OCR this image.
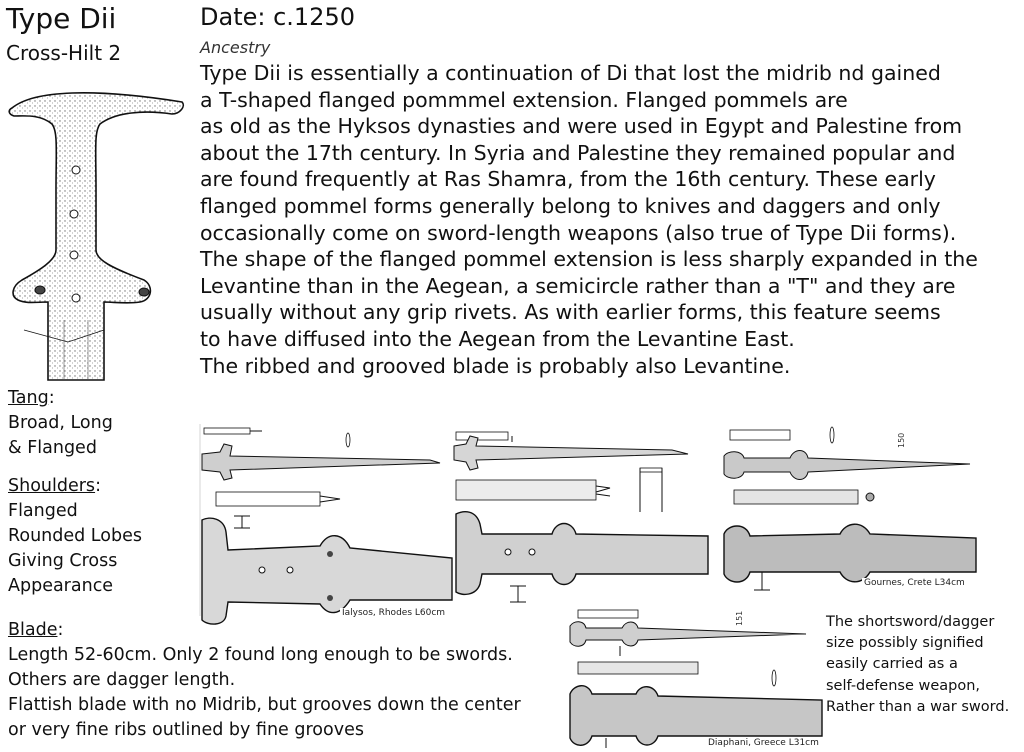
Type Dii
Cross-Hilt 2
Date: c.1250
Ancestry
Type Dii is essentially a continuation of Di that lost the midrib nd gained
a T-shaped flanged pommmel extension. Flanged pommels are
as old as the Hyksos dynasties and were used in Egypt and Palestine from
about the 17th century. In Syria and Palestine they remained popular and
are found frequently at Ras Shamra, from the 16th century. These early
flanged pommel forms generally belong to knives and daggers and only
occasionally come on sword-length weapons (also true of Type Dii forms).
The shape of the flanged pommel extension is less sharply expanded in the
Levantine than in the Aegean, a semicircle rather than a "T" and they are
usually without any grip rivets. As with earlier forms, this feature seems
to have diffused into the Aegean from the Levantine East.
The ribbed and grooved blade is probably also Levantine.
Tang:
Broad, Long
& Flanged
Shoulders:
Flanged
Rounded Lobes
Giving Cross
Appearance
Blade:
Length 52-60cm. Only 2 found long enough to be swords.
Others are dagger length.
Flattish blade with no Midrib, but grooves down the center
or very fine ribs outlined by fine grooves
The shortsword/dagger
size possibly signified
easily carried as a
self-defense weapon,
Rather than a war sword.
Ialysos, Rhodes L60cm
150
Gournes, Crete L34cm
151
Diaphani, Greece L31cm
